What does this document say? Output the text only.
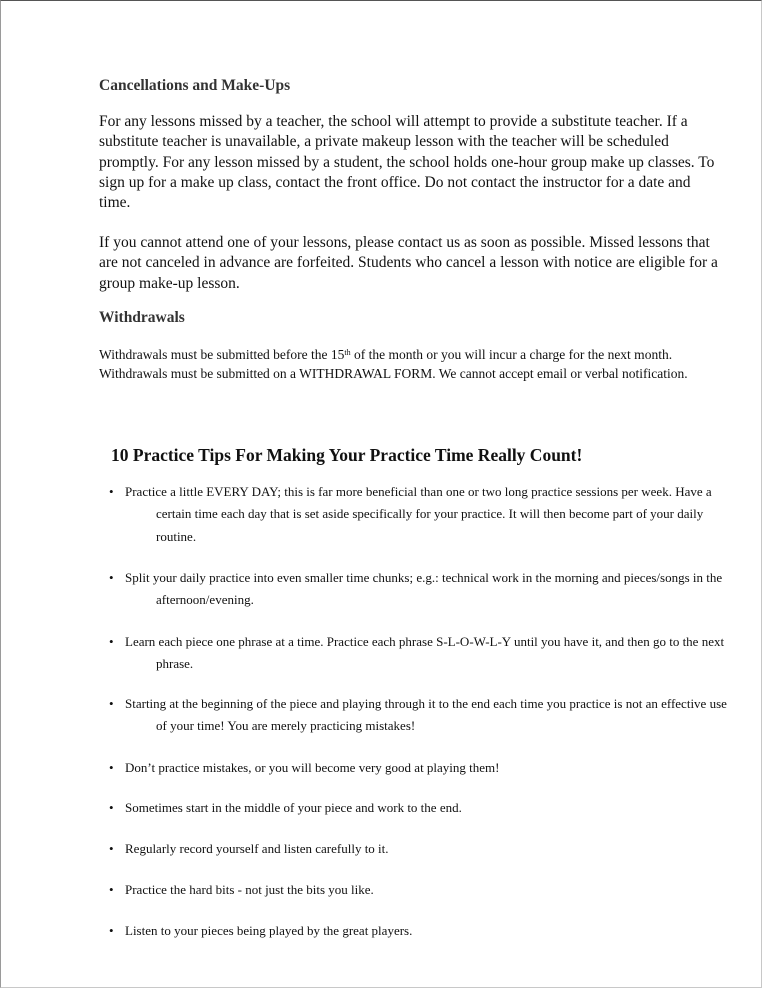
Cancellations and Make-Ups

For any lessons missed by a teacher, the school will attempt to provide a substitute teacher. If a substitute teacher is unavailable, a private makeup lesson with the teacher will be scheduled promptly. For any lesson missed by a student, the school holds one-hour group make up classes. To sign up for a make up class, contact the front office. Do not contact the instructor for a date and time.

If you cannot attend one of your lessons, please contact us as soon as possible. Missed lessons that are not canceled in advance are forfeited. Students who cancel a lesson with notice are eligible for a group make-up lesson.

Withdrawals

Withdrawals must be submitted before the 15th of the month or you will incur a charge for the next month. Withdrawals must be submitted on a WITHDRAWAL FORM. We cannot accept email or verbal notification.

10 Practice Tips For Making Your Practice Time Really Count!
• Practice a little EVERY DAY; this is far more beneficial than one or two long practice sessions per week. Have a certain time each day that is set aside specifically for your practice. It will then become part of your daily routine.
• Split your daily practice into even smaller time chunks; e.g.: technical work in the morning and pieces/songs in the afternoon/evening.
• Learn each piece one phrase at a time. Practice each phrase S-L-O-W-L-Y until you have it, and then go to the next phrase.
• Starting at the beginning of the piece and playing through it to the end each time you practice is not an effective use of your time! You are merely practicing mistakes!
• Don’t practice mistakes, or you will become very good at playing them!
• Sometimes start in the middle of your piece and work to the end.
• Regularly record yourself and listen carefully to it.
• Practice the hard bits - not just the bits you like.
• Listen to your pieces being played by the great players.
